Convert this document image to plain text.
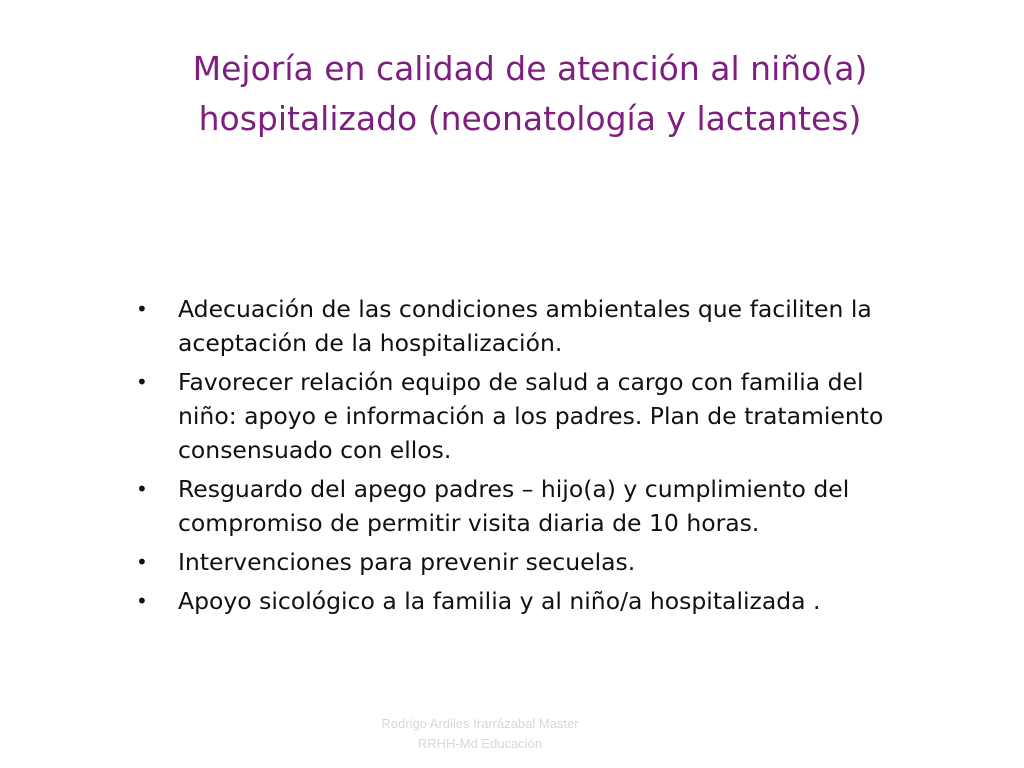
Mejoría en calidad de atención al niño(a)
hospitalizado (neonatología y lactantes)
• Adecuación de las condiciones ambientales que faciliten la
aceptación de la hospitalización.
• Favorecer relación equipo de salud a cargo con familia del
niño: apoyo e información a los padres. Plan de tratamiento
consensuado con ellos.
• Resguardo del apego padres – hijo(a) y cumplimiento del
compromiso de permitir visita diaria de 10 horas.
• Intervenciones para prevenir secuelas.
• Apoyo sicológico a la familia y al niño/a hospitalizada .
Rodrigo Ardiles Irarrázabal Master
RRHH-Md Educación
